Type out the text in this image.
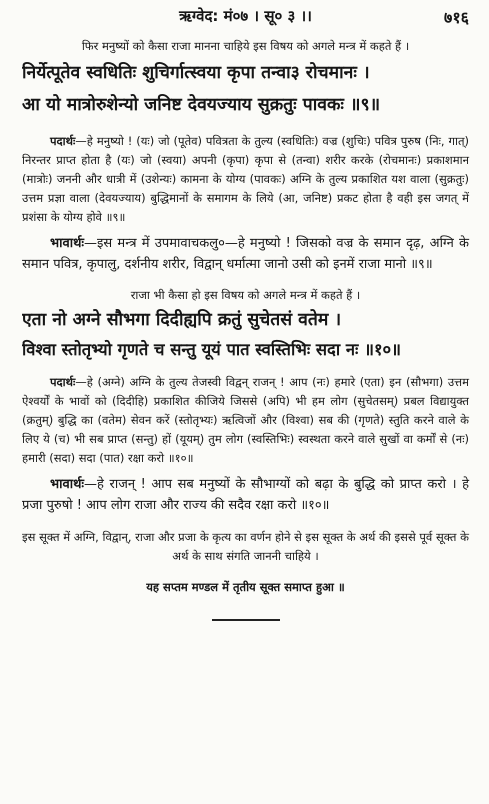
ऋग्वेद: मं०७ । सू० ३ ।।	७१६

फिर मनुष्यों को कैसा राजा मानना चाहिये इस विषय को अगले मन्त्र में कहते हैं ।

निर्येत्पूतेव स्वधितिः शुचिर्गात्स्वया कृपा तन्वा३ रोचमानः ।
आ यो मात्रोरुशेन्यो जनिष्ट देवयज्याय सुक्रतुः पावकः ॥९॥

पदार्थः—हे मनुष्यो ! (यः) जो (पूतेव) पवित्रता के तुल्य (स्वधितिः) वज्र (शुचिः) पवित्र पुरुष (निः, गात्) निरन्तर प्राप्त होता है (यः) जो (स्वया) अपनी (कृपा) कृपा से (तन्वा) शरीर करके (रोचमानः) प्रकाशमान (मात्रोः) जननी और धात्री में (उशेन्यः) कामना के योग्य (पावकः) अग्नि के तुल्य प्रकाशित यश वाला (सुक्रतुः) उत्तम प्रज्ञा वाला (देवयज्याय) बुद्धिमानों के समागम के लिये (आ, जनिष्ट) प्रकट होता है वही इस जगत् में प्रशंसा के योग्य होवे ॥९॥

भावार्थः—इस मन्त्र में उपमावाचकलु०—हे मनुष्यो ! जिसको वज्र के समान दृढ़, अग्नि के समान पवित्र, कृपालु, दर्शनीय शरीर, विद्वान् धर्मात्मा जानो उसी को इनमें राजा मानो ॥९॥

राजा भी कैसा हो इस विषय को अगले मन्त्र में कहते हैं ।

एता नो अग्ने सौभगा दिदीह्यपि क्रतुं सुचेतसं वतेम ।
विश्वा स्तोतृभ्यो गृणते च सन्तु यूयं पात स्वस्तिभिः सदा नः ॥१०॥

पदार्थः—हे (अग्ने) अग्नि के तुल्य तेजस्वी विद्वन् राजन् ! आप (नः) हमारे (एता) इन (सौभगा) उत्तम ऐश्वर्यों के भावों को (दिदीहि) प्रकाशित कीजिये जिससे (अपि) भी हम लोग (सुचेतसम्) प्रबल विद्यायुक्त (क्रतुम्) बुद्धि का (वतेम) सेवन करें (स्तोतृभ्यः) ऋत्विजों और (विश्वा) सब की (गृणते) स्तुति करने वाले के लिए ये (च) भी सब प्राप्त (सन्तु) हों (यूयम्) तुम लोग (स्वस्तिभिः) स्वस्थता करने वाले सुखों वा कर्मों से (नः) हमारी (सदा) सदा (पात) रक्षा करो ॥१०॥

भावार्थः—हे राजन् ! आप सब मनुष्यों के सौभाग्यों को बढ़ा के बुद्धि को प्राप्त करो । हे प्रजा पुरुषो ! आप लोग राजा और राज्य की सदैव रक्षा करो ॥१०॥

इस सूक्त में अग्नि, विद्वान्, राजा और प्रजा के कृत्य का वर्णन होने से इस सूक्त के अर्थ की इससे पूर्व सूक्त के अर्थ के साथ संगति जाननी चाहिये ।

यह सप्तम मण्डल में तृतीय सूक्त समाप्त हुआ ॥
